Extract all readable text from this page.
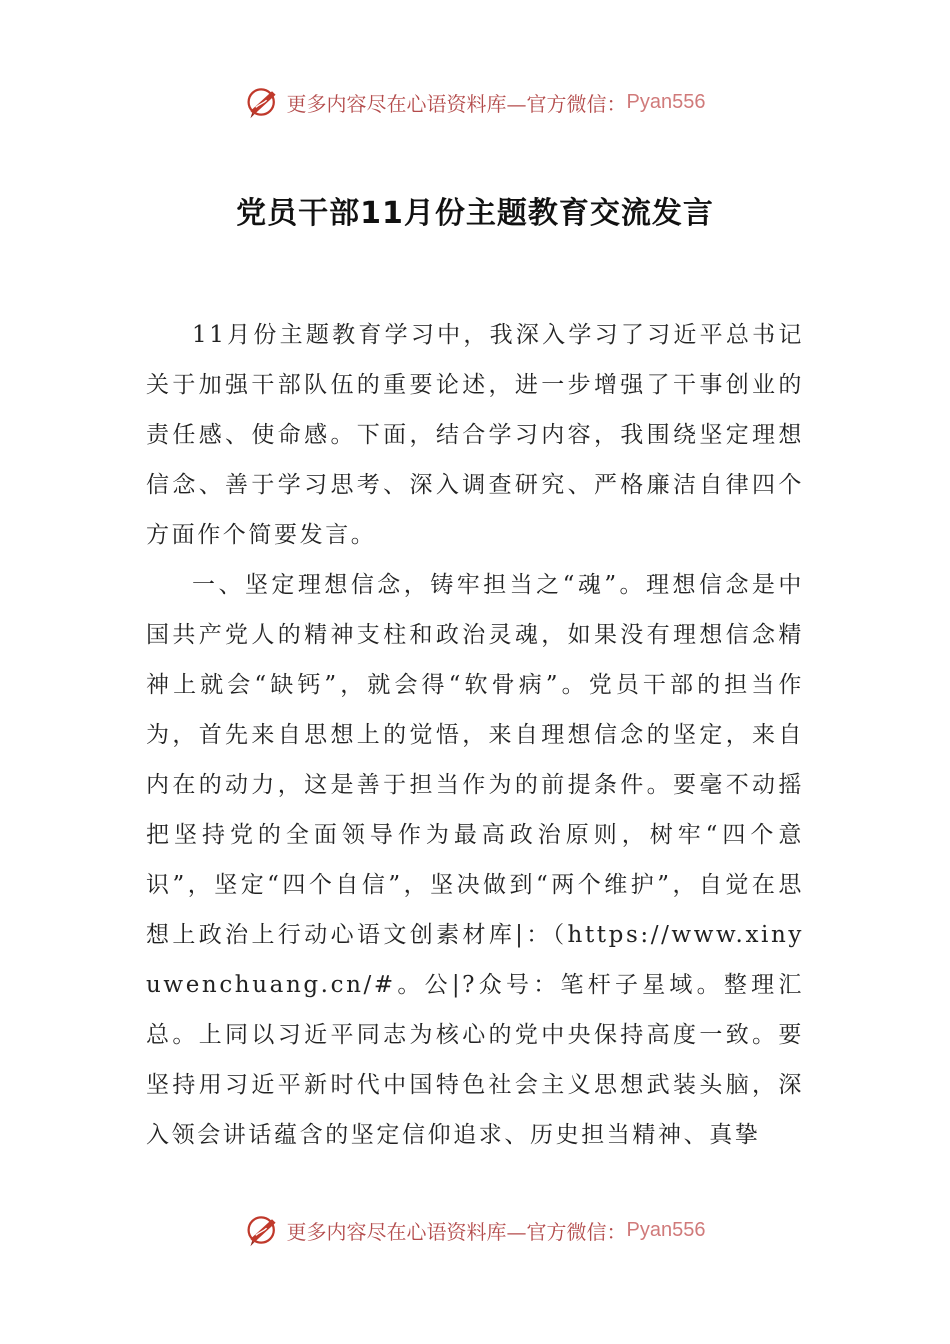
更多内容尽在心语资料库—官方微信： Pyan556
党员干部11月份主题教育交流发言

11月份主题教育学习中，我深入学习了习近平总书记关于加强干部队伍的重要论述，进一步增强了干事创业的责任感、使命感。下面，结合学习内容，我围绕坚定理想信念、善于学习思考、深入调查研究、严格廉洁自律四个方面作个简要发言。

一、坚定理想信念，铸牢担当之“魂”。理想信念是中国共产党人的精神支柱和政治灵魂，如果没有理想信念精神上就会“缺钙”，就会得“软骨病”。党员干部的担当作为，首先来自思想上的觉悟，来自理想信念的坚定，来自内在的动力，这是善于担当作为的前提条件。要毫不动摇把坚持党的全面领导作为最高政治原则，树牢“四个意识”，坚定“四个自信”，坚决做到“两个维护”，自觉在思想上政治上行动心语文创素材库|：（https://www.xinyuwenchuang.cn/#。公|?众号：笔杆子星域。整理汇总。上同以习近平同志为核心的党中央保持高度一致。要坚持用习近平新时代中国特色社会主义思想武装头脑，深入领会讲话蕴含的坚定信仰追求、历史担当精神、真挚

更多内容尽在心语资料库—官方微信： Pyan556
